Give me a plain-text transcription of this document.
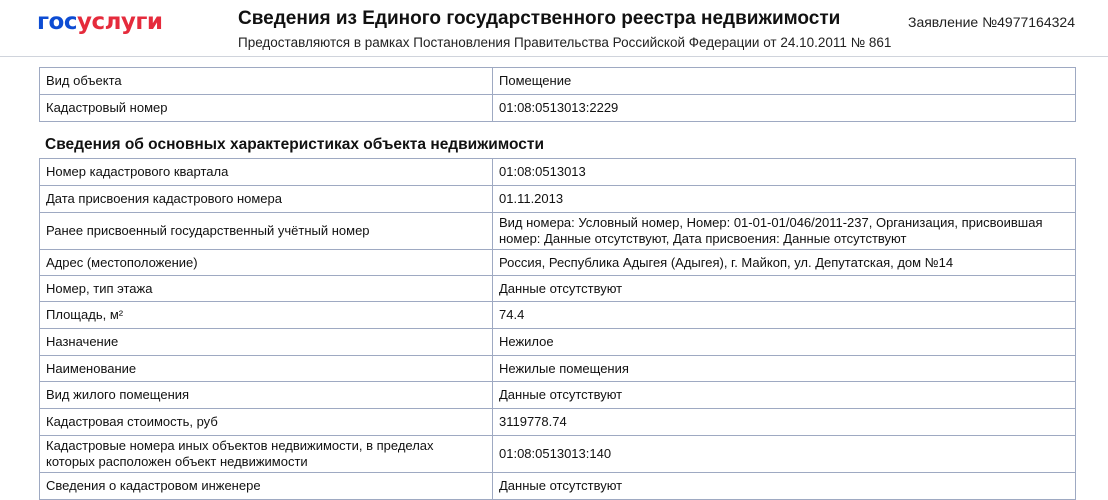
госуслуги	Сведения из Единого государственного реестра недвижимости
Предоставляются в рамках Постановления Правительства Российской Федерации от 24.10.2011 № 861
Заявление №4977164324
Вид объекта	Помещение
Кадастровый номер	01:08:0513013:2229
Сведения об основных характеристиках объекта недвижимости
Номер кадастрового квартала	01:08:0513013
Дата присвоения кадастрового номера	01.11.2013
Ранее присвоенный государственный учётный номер	Вид номера: Условный номер, Номер: 01-01-01/046/2011-237, Организация, присвоившая номер: Данные отсутствуют, Дата присвоения: Данные отсутствуют
Адрес (местоположение)	Россия, Республика Адыгея (Адыгея), г. Майкоп, ул. Депутатская, дом №14
Номер, тип этажа	Данные отсутствуют
Площадь, м²	74.4
Назначение	Нежилое
Наименование	Нежилые помещения
Вид жилого помещения	Данные отсутствуют
Кадастровая стоимость, руб	3119778.74
Кадастровые номера иных объектов недвижимости, в пределах которых расположен объект недвижимости	01:08:0513013:140
Сведения о кадастровом инженере	Данные отсутствуют
